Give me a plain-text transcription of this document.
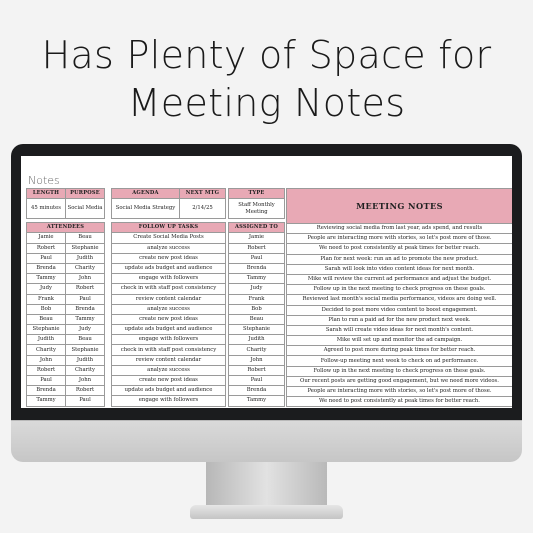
Has Plenty of Space for
Meeting Notes
Notes
LENGTH	PURPOSE
45 minutes	Social Media

ATTENDEES	
Jamie	Beau
Robert	Stephanie
Paul	Judith
Brenda	Charity
Tammy	John
Judy	Robert
Frank	Paul
Bob	Brenda
Beau	Tammy
Stephanie	Judy
Judith	Beau
Charity	Stephanie
John	Judith
Robert	Charity
Paul	John
Brenda	Robert
Tammy	Paul
AGENDA	NEXT MTG
Social Media Strategy	2/14/25

FOLLOW UP TASKS	
Create Social Media Posts	
analyze success	
create new post ideas	
update ads budget and audience	
engage with followers	
check in with staff post consistency	
review content calendar	
analyze success	
create new post ideas	
update ads budget and audience	
engage with followers	
check in with staff post consistency	
review content calendar	
analyze success	
create new post ideas	
update ads budget and audience	
engage with followers	
TYPE
Staff Monthly Meeting

ASSIGNED TO
Jamie
Robert
Paul
Brenda
Tammy
Judy
Frank
Bob
Beau
Stephanie
Judith
Charity
John
Robert
Paul
Brenda
Tammy
MEETING NOTES
Reviewing social media from last year, ads spend, and results
People are interacting more with stories, so let's post more of those.
We need to post consistently at peak times for better reach.
Plan for next week: run an ad to promote the new product.
Sarah will look into video content ideas for next month.
Mike will review the current ad performance and adjust the budget.
Follow up in the next meeting to check progress on these goals.
Reviewed last month's social media performance, videos are doing well.
Decided to post more video content to boost engagement.
Plan to run a paid ad for the new product next week.
Sarah will create video ideas for next month's content.
Mike will set up and monitor the ad campaign.
Agreed to post more during peak times for better reach.
Follow-up meeting next week to check on ad performance.
Follow up in the next meeting to check progress on these goals.
Our recent posts are getting good engagement, but we need more videos.
People are interacting more with stories, so let's post more of those.
We need to post consistently at peak times for better reach.
